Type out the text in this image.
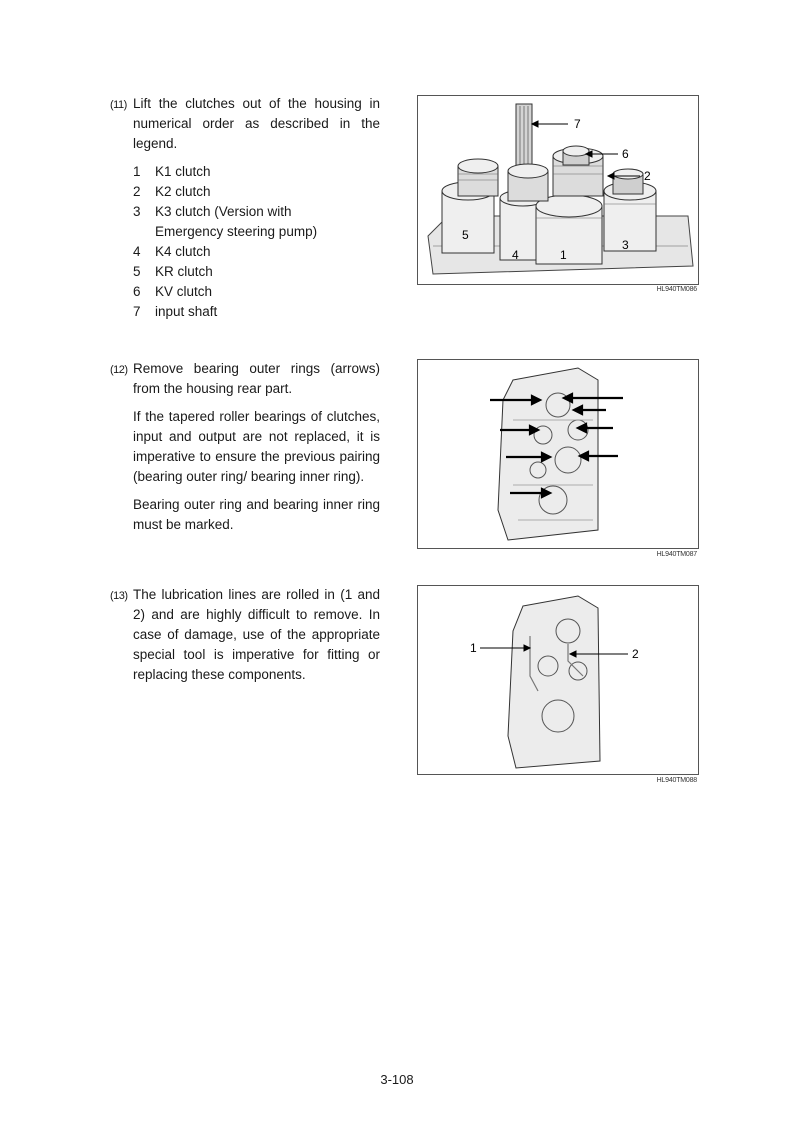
(11) Lift the clutches out of the housing in numerical order as described in the legend.

1 K1 clutch
2 K2 clutch
3 K3 clutch (Version with Emergency steering pump)
4 K4 clutch
5 KR clutch
6 KV clutch
7 input shaft
7
6
2
5
4	1
3
HL940TM086
(12) Remove bearing outer rings (arrows) from the housing rear part.

If the tapered roller bearings of clutches, input and output are not replaced, it is imperative to ensure the previous pairing (bearing outer ring/ bearing inner ring).

Bearing outer ring and bearing inner ring must be marked.

HL940TM087
(13) The lubrication lines are rolled in (1 and 2) and are highly difficult to remove. In case of damage, use of the appropriate special tool is imperative for fitting or replacing these components.

1	2
HL940TM088
3-108
